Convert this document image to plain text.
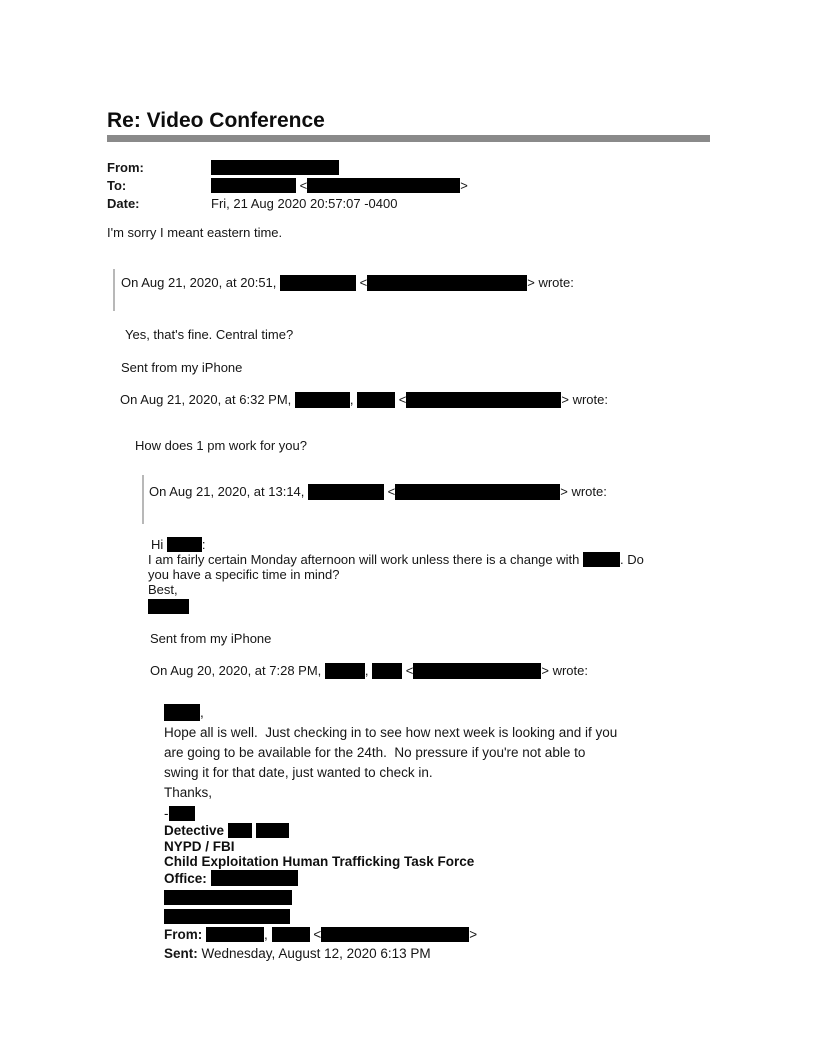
Re: Video Conference
From:
To:	<	>
Date:	Fri, 21 Aug 2020 20:57:07 -0400

I'm sorry I meant eastern time.

On Aug 21, 2020, at 20:51,	<	> wrote:

Yes, that's fine. Central time?

Sent from my iPhone

On Aug 21, 2020, at 6:32 PM,	,	<	> wrote:

How does 1 pm work for you?

On Aug 21, 2020, at 13:14,	<	> wrote:

Hi	:

I am fairly certain Monday afternoon will work unless there is a change with	. Do

you have a specific time in mind?

Best,

Sent from my iPhone

On Aug 20, 2020, at 7:28 PM,	,	<	> wrote:
,
Hope all is well.  Just checking in to see how next week is looking and if you
are going to be available for the 24th.  No pressure if you're not able to
swing it for that date, just wanted to check in.

Thanks,

-
Detective
NYPD / FBI
Child Exploitation Human Trafficking Task Force
Office:
From:	,	<	>
Sent: Wednesday, August 12, 2020 6:13 PM
